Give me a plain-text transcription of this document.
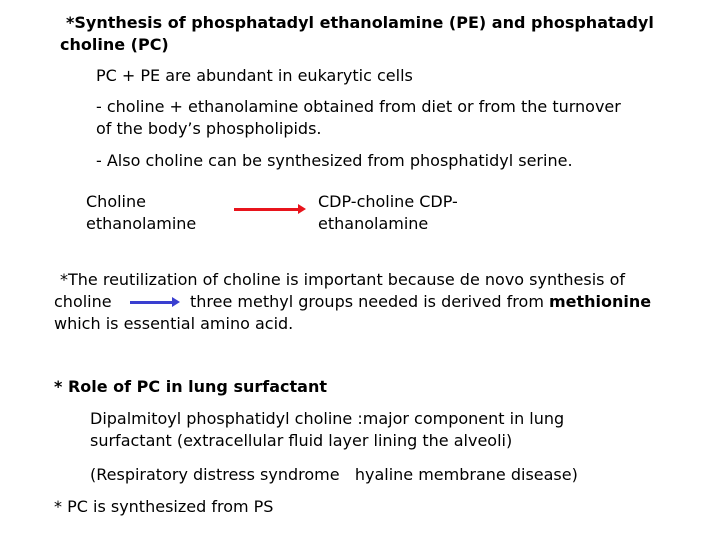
*Synthesis of phosphatadyl ethanolamine (PE) and phosphatadyl
choline (PC)
PC + PE are abundant in eukarytic cells
- choline + ethanolamine obtained from diet or from the turnover
of the body’s phospholipids.
- Also choline can be synthesized from phosphatidyl serine.
Choline
ethanolamine
CDP-choline CDP-
ethanolamine
*The reutilization of choline is important because de novo synthesis of
choline	three methyl groups needed is derived from methionine
which is essential amino acid.
* Role of PC in lung surfactant
Dipalmitoyl phosphatidyl choline :major component in lung
surfactant (extracellular fluid layer lining the alveoli)
(Respiratory distress syndrome   hyaline membrane disease)
* PC is synthesized from PS
